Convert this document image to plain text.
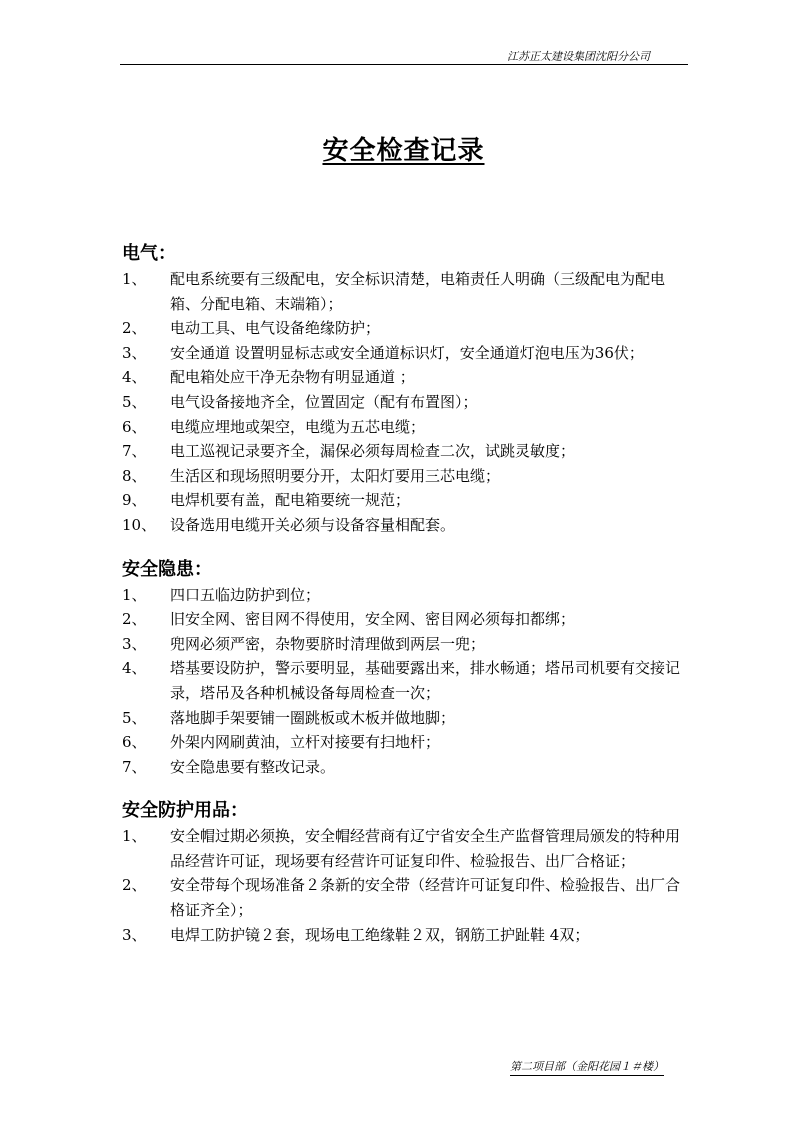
江苏正太建设集团沈阳分公司
安全检查记录
电气：
1、	配电系统要有三级配电，安全标识清楚，电箱责任人明确（三级配电为配电箱、分配电箱、末端箱）；
2、	电动工具、电气设备绝缘防护；
3、	安全通道 设置明显标志或安全通道标识灯，安全通道灯泡电压为36伏；
4、	配电箱处应干净无杂物有明显通道 ；
5、	电气设备接地齐全，位置固定（配有布置图）；
6、	电缆应埋地或架空，电缆为五芯电缆；
7、	电工巡视记录要齐全，漏保必须每周检查二次，试跳灵敏度；
8、	生活区和现场照明要分开，太阳灯要用三芯电缆；
9、	电焊机要有盖，配电箱要统一规范；
10、 设备选用电缆开关必须与设备容量相配套。
安全隐患：
1、	四口五临边防护到位；
2、	旧安全网、密目网不得使用，安全网、密目网必须每扣都绑；
3、	兜网必须严密，杂物要脐时清理做到两层一兜；
4、	塔基要设防护，警示要明显，基础要露出来，排水畅通；塔吊司机要有交接记录，塔吊及各种机械设备每周检查一次；
5、	落地脚手架要铺一圈跳板或木板并做地脚；
6、	外架内网刷黄油，立杆对接要有扫地杆；
7、	安全隐患要有整改记录。
安全防护用品：
1、	安全帽过期必须换，安全帽经营商有辽宁省安全生产监督管理局颁发的特种用品经营许可证，现场要有经营许可证复印件、检验报告、出厂合格证；
2、	安全带每个现场准备２条新的安全带（经营许可证复印件、检验报告、出厂合格证齐全）；
3、	电焊工防护镜２套，现场电工绝缘鞋２双，钢筋工护趾鞋 4双；
第二项目部（金阳花园１＃楼）
